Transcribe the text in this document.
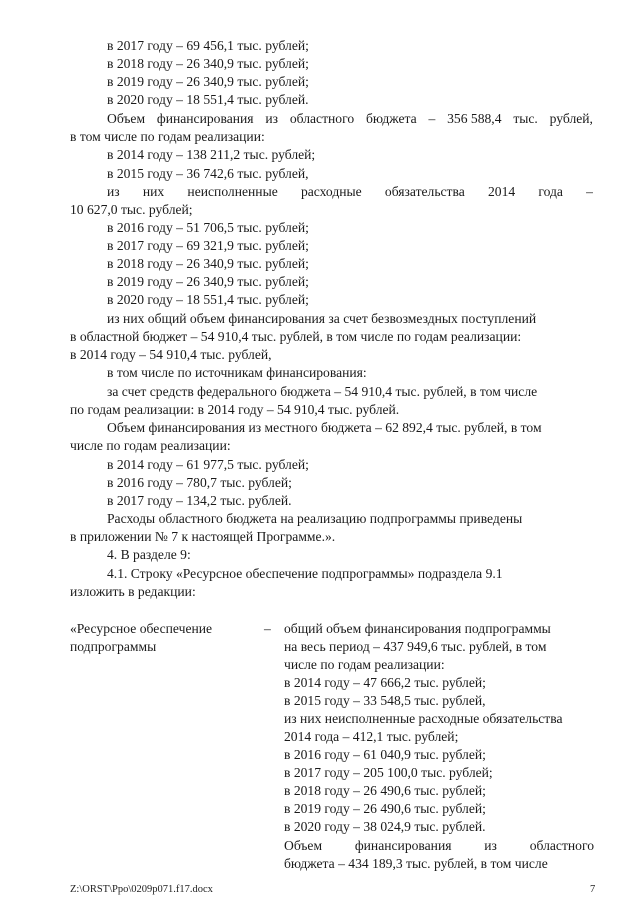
в 2017 году – 69 456,1 тыс. рублей;
в 2018 году – 26 340,9 тыс. рублей;
в 2019 году – 26 340,9 тыс. рублей;
в 2020 году – 18 551,4 тыс. рублей.
Объем финансирования из областного бюджета – 356 588,4 тыс. рублей,
в том числе по годам реализации:
в 2014 году – 138 211,2 тыс. рублей;
в 2015 году – 36 742,6 тыс. рублей,
из них неисполненные расходные обязательства 2014 года –
10 627,0 тыс. рублей;
в 2016 году – 51 706,5 тыс. рублей;
в 2017 году – 69 321,9 тыс. рублей;
в 2018 году – 26 340,9 тыс. рублей;
в 2019 году – 26 340,9 тыс. рублей;
в 2020 году – 18 551,4 тыс. рублей;
из них общий объем финансирования за счет безвозмездных поступлений
в областной бюджет – 54 910,4 тыс. рублей, в том числе по годам реализации:
в 2014 году – 54 910,4 тыс. рублей,
в том числе по источникам финансирования:
за счет средств федерального бюджета – 54 910,4 тыс. рублей, в том числе
по годам реализации: в 2014 году – 54 910,4 тыс. рублей.
Объем финансирования из местного бюджета – 62 892,4 тыс. рублей, в том
числе по годам реализации:
в 2014 году – 61 977,5 тыс. рублей;
в 2016 году – 780,7 тыс. рублей;
в 2017 году – 134,2 тыс. рублей.
Расходы областного бюджета на реализацию подпрограммы приведены
в приложении № 7 к настоящей Программе.».
4. В разделе 9:
4.1. Строку «Ресурсное обеспечение подпрограммы» подраздела 9.1
изложить в редакции:
«Ресурсное обеспечение
подпрограммы
– общий объем финансирования подпрограммы
на весь период – 437 949,6 тыс. рублей, в том
числе по годам реализации:
в 2014 году – 47 666,2 тыс. рублей;
в 2015 году – 33 548,5 тыс. рублей,
из них неисполненные расходные обязательства
2014 года – 412,1 тыс. рублей;
в 2016 году – 61 040,9 тыс. рублей;
в 2017 году – 205 100,0 тыс. рублей;
в 2018 году – 26 490,6 тыс. рублей;
в 2019 году – 26 490,6 тыс. рублей;
в 2020 году – 38 024,9 тыс. рублей.
Объем финансирования из областного
бюджета – 434 189,3 тыс. рублей, в том числе
Z:\ORST\Ppo\0209p071.f17.docx	7
